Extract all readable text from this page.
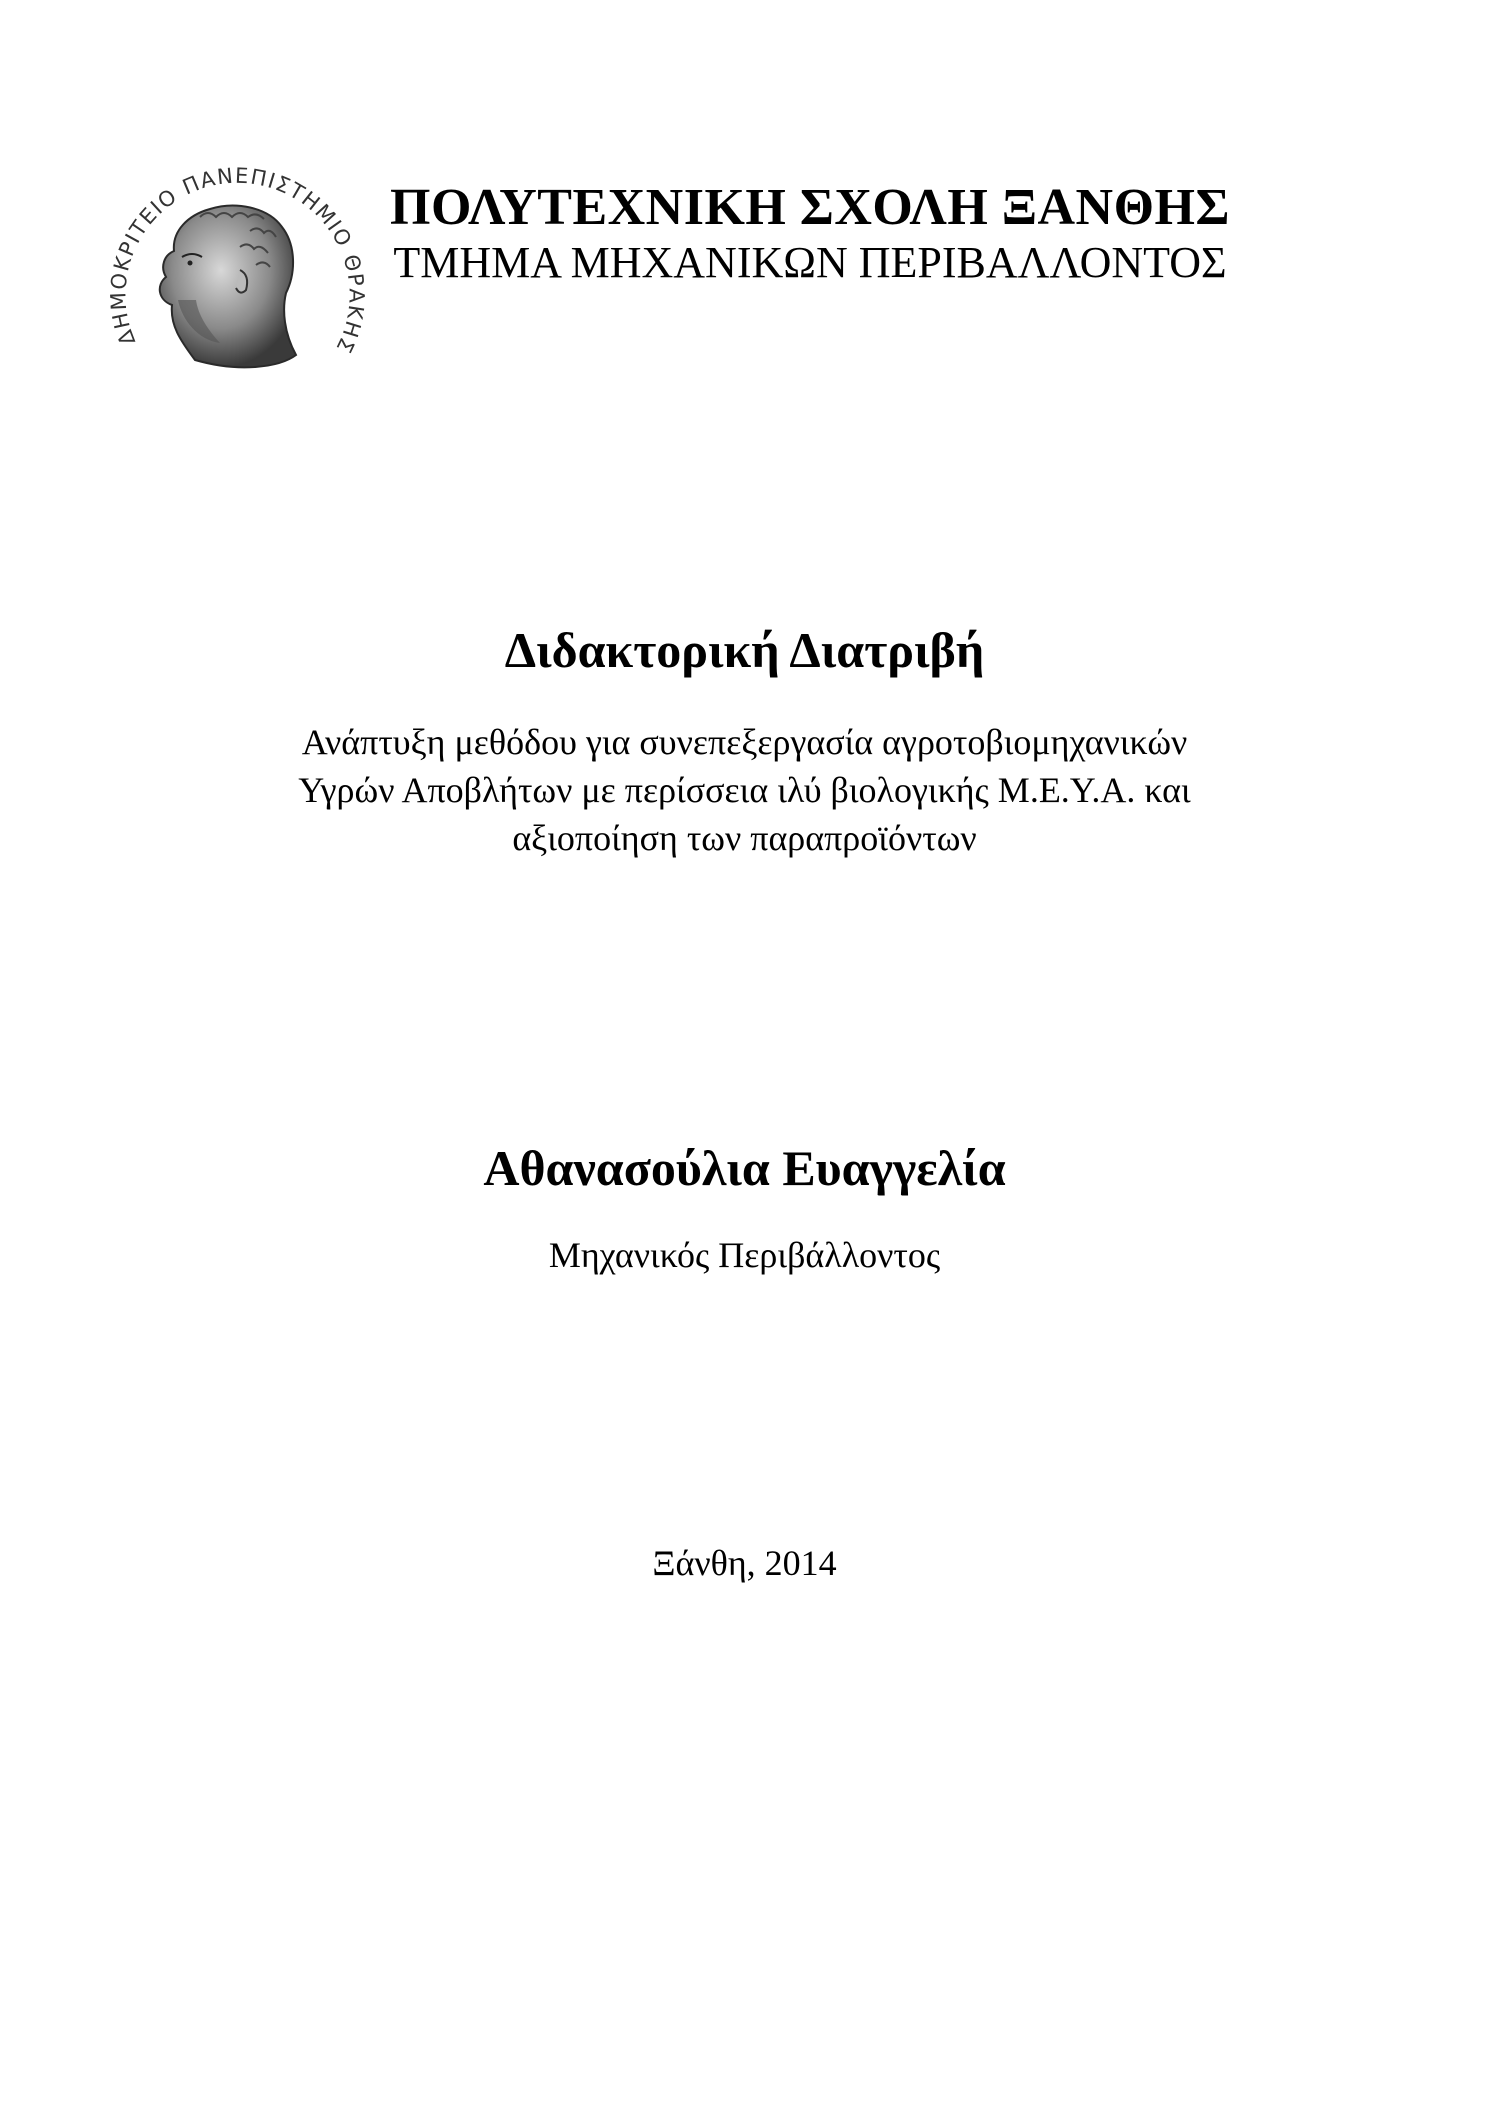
ΔΗΜΟΚΡΙΤΕΙΟ ΠΑΝΕΠΙΣΤΗΜΙΟ ΘΡΑΚΗΣ

ΠΟΛΥΤΕΧΝΙΚΗ ΣΧΟΛΗ ΞΑΝΘΗΣ

ΤΜΗΜΑ ΜΗΧΑΝΙΚΩΝ ΠΕΡΙΒΑΛΛΟΝΤΟΣ

Διδακτορική Διατριβή
Ανάπτυξη μεθόδου για συνεπεξεργασία αγροτοβιομηχανικών
Υγρών Αποβλήτων με περίσσεια ιλύ βιολογικής Μ.Ε.Υ.Α. και
αξιοποίηση των παραπροϊόντων
Αθανασούλια Ευαγγελία
Μηχανικός Περιβάλλοντος
Ξάνθη, 2014
